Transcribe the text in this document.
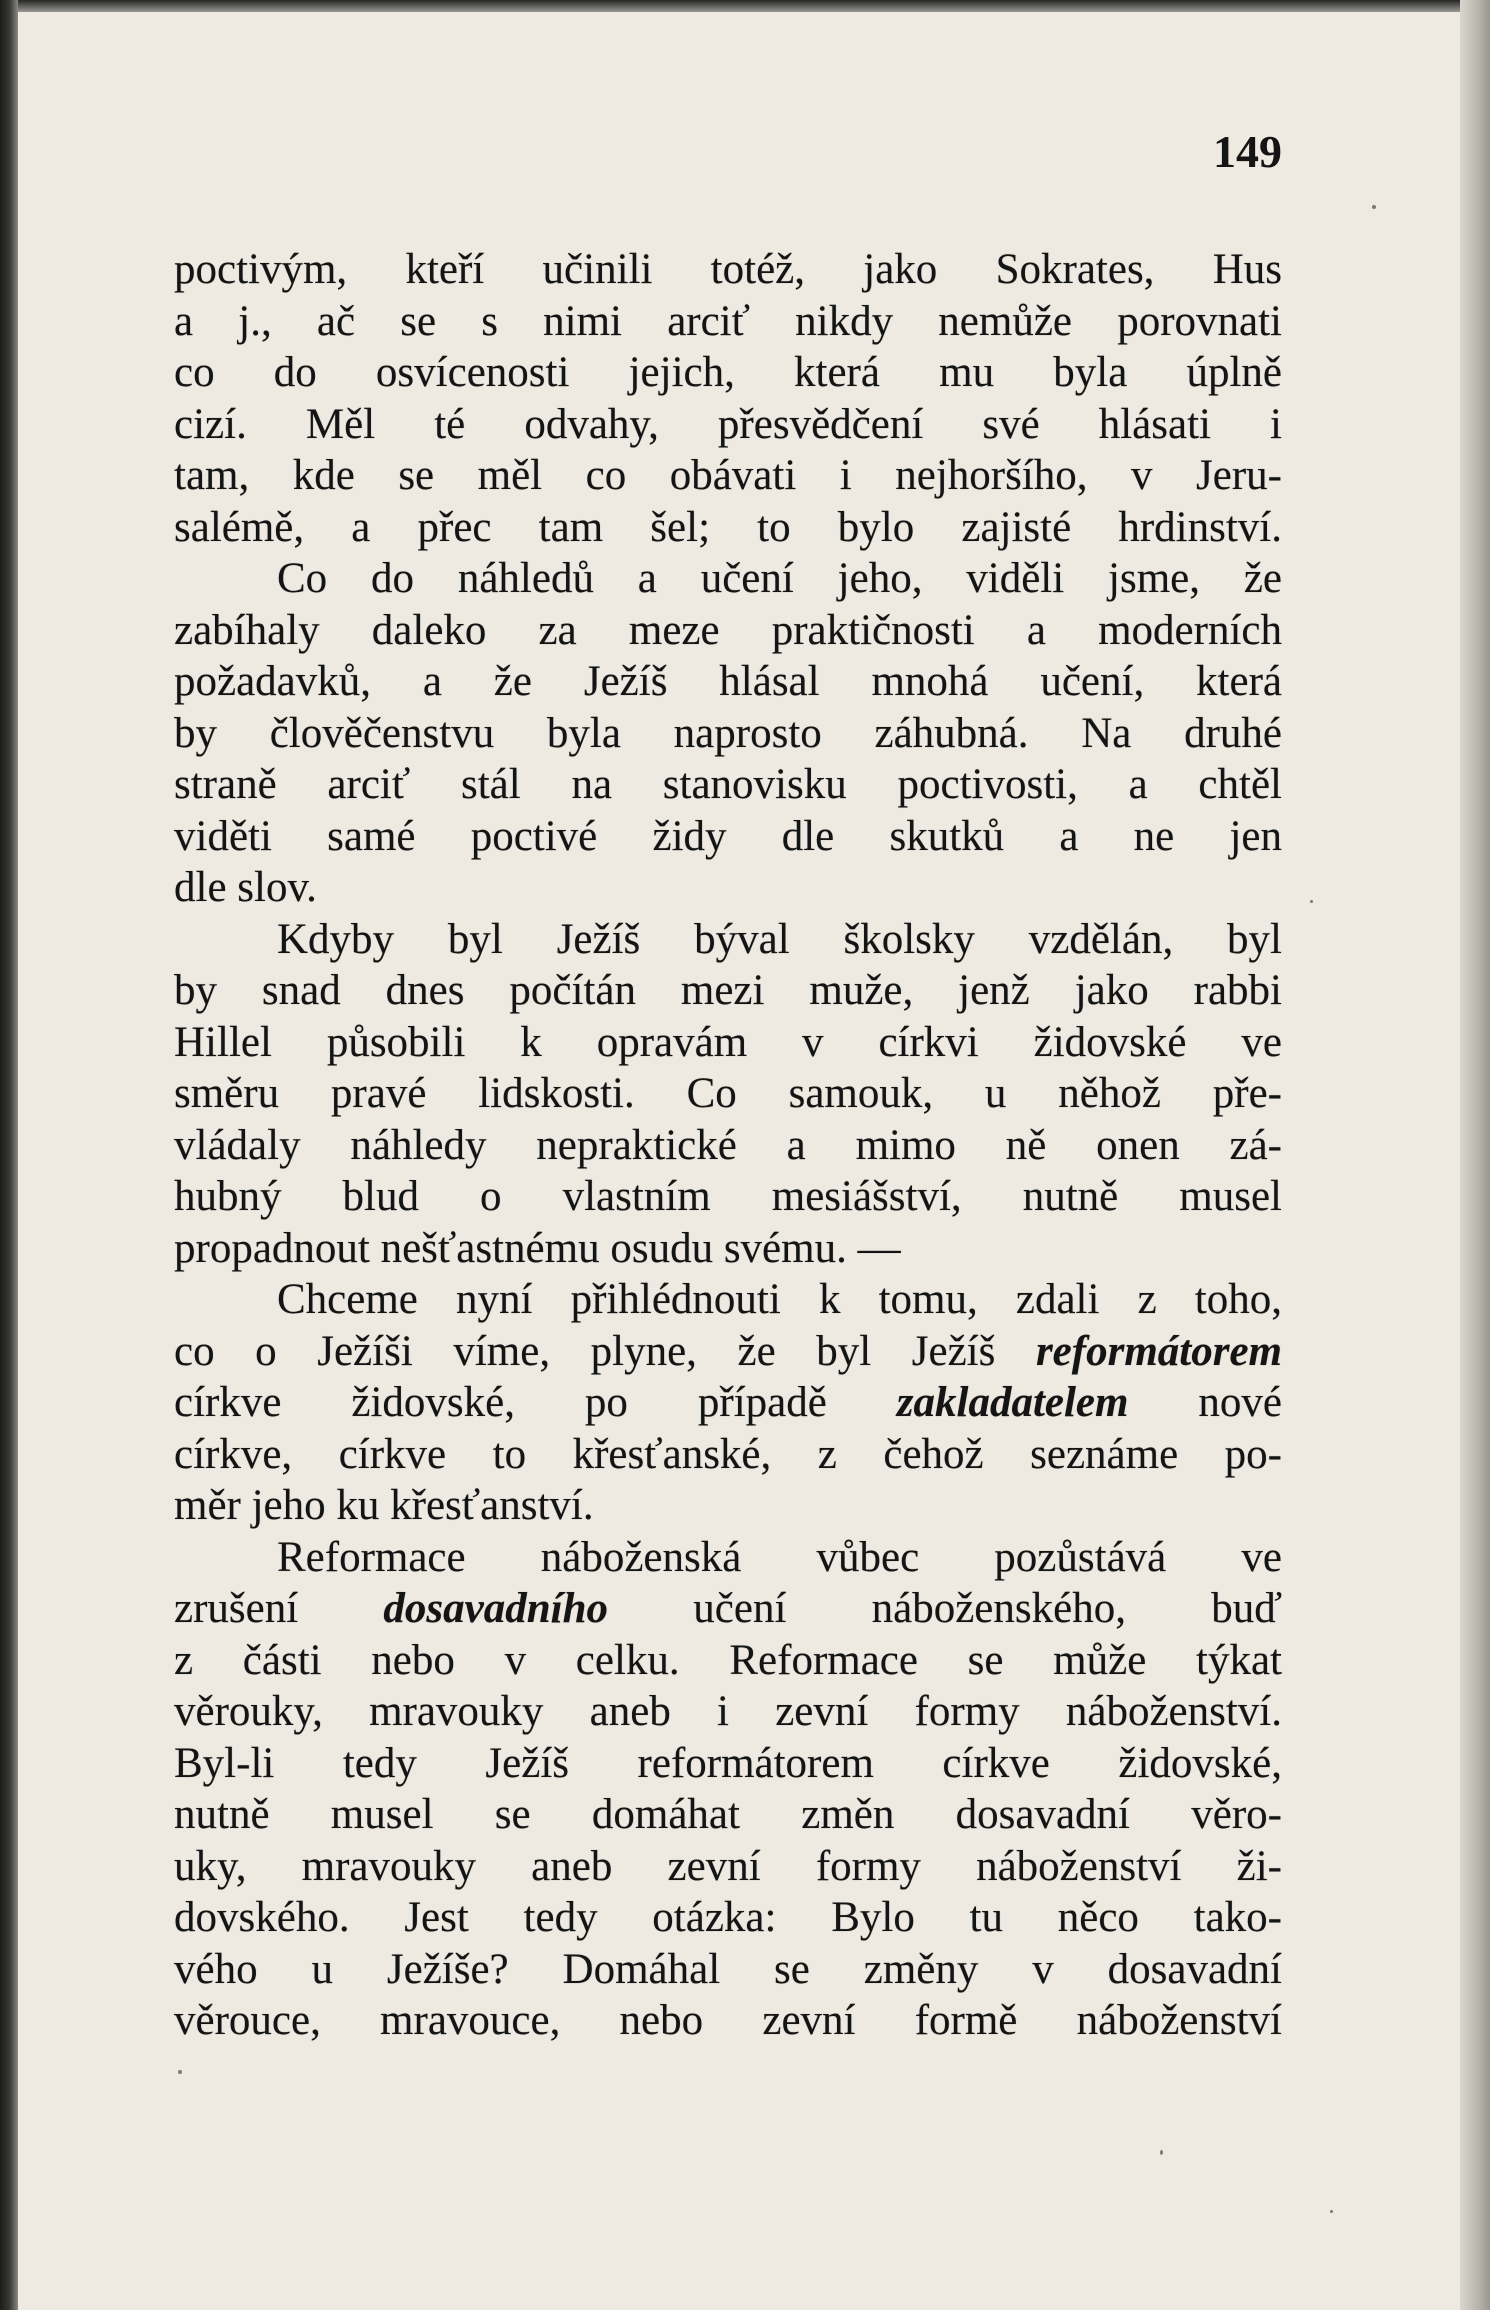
149
poctivým, kteří učinili totéž, jako Sokrates, Hus
a j., ač se s nimi arciť nikdy nemůže porovnati
co do osvícenosti jejich, která mu byla úplně
cizí. Měl té odvahy, přesvědčení své hlásati i
tam, kde se měl co obávati i nejhoršího, v Jeru-
salémě, a přec tam šel; to bylo zajisté hrdinství.
Co do náhledů a učení jeho, viděli jsme, že
zabíhaly daleko za meze praktičnosti a moderních
požadavků, a že Ježíš hlásal mnohá učení, která
by člověčenstvu byla naprosto záhubná. Na druhé
straně arciť stál na stanovisku poctivosti, a chtěl
viděti samé poctivé židy dle skutků a ne jen
dle slov.
Kdyby byl Ježíš býval školsky vzdělán, byl
by snad dnes počítán mezi muže, jenž jako rabbi
Hillel působili k opravám v církvi židovské ve
směru pravé lidskosti. Co samouk, u něhož pře-
vládaly náhledy nepraktické a mimo ně onen zá-
hubný blud o vlastním mesiášství, nutně musel
propadnout nešťastnému osudu svému. —
Chceme nyní přihlédnouti k tomu, zdali z toho,
co o Ježíši víme, plyne, že byl Ježíš reformátorem
církve židovské, po případě zakladatelem nové
církve, církve to křesťanské, z čehož seznáme po-
měr jeho ku křesťanství.
Reformace náboženská vůbec pozůstává ve
zrušení dosavadního učení náboženského, buď
z části nebo v celku. Reformace se může týkat
věrouky, mravouky aneb i zevní formy náboženství.
Byl-li tedy Ježíš reformátorem církve židovské,
nutně musel se domáhat změn dosavadní věro-
uky, mravouky aneb zevní formy náboženství ži-
dovského. Jest tedy otázka: Bylo tu něco tako-
vého u Ježíše? Domáhal se změny v dosavadní
věrouce, mravouce, nebo zevní formě náboženství
